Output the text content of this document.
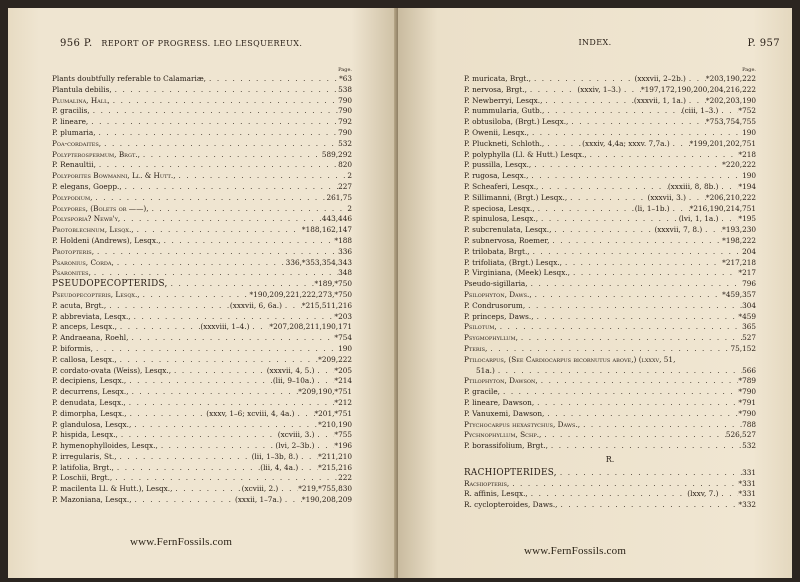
956 P. REPORT OF PROGRESS. LEO LESQUEREUX.
Page.
Plants doubtfully referable to Calamariæ, . . .	*63
Plantula debilis, . . .	538
Plumalina, Hall, . . .	790
P. gracilis, . . .	790
P. lineare, . . .	792
P. plumaria, . . .	790
Poa-cordaites, . . .	532
Polypterospermum, Brgt., . . .	589,292
P. Renaultii, . . .	820
Polyporites Bowmanni, Ll. & Hutt., . . .	2
P. elegans, Goepp., . . .	227
Polypodium, . . .	261,75
Polypores, (Bolets or ——), . . .	2
Polysporia? Newb'y, . . .	443,446
Protoblechnum, Lesqx., . . .	*188,162,147
P. Holdeni (Andrews), Lesqx., . . .	*188
Protopteris, . . .	336
Psaronius, Corda, . . .	336,*353,354,343
Psaronites, . . .	348
PSEUDOPECOPTERIDS, . . .	*189,*750
Pseudopecopteris, Lesqx., . . .	*190,209,221,222,273,*750
P. acuta, Brgt., . . .	(xxxvii, 6, 6a.) . . .	*215,511,216
P. abbreviata, Lesqx., . . .	*203
P. anceps, Lesqx., . . .	(xxxviii, 1–4.) . . .	*207,208,211,190,171
P. Andraeana, Roehl, . . .	*754
P. biformis, . . .	190
P. callosa, Lesqx., . . .	*209,222
P. cordato-ovata (Weiss), Lesqx., . . .	(xxxvii, 4, 5.) . . .	*205
P. decipiens, Lesqx., . . .	(lii, 9–10a.) . . .	*214
P. decurrens, Lesqx., . . .	*209,190,*751
P. denudata, Lesqx., . . .	*212
P. dimorpha, Lesqx., . . .	(xxxv, 1–6; xcviii, 4, 4a.) . . .	*201,*751
P. glandulosa, Lesqx., . . .	*210,190
P. hispida, Lesqx., . . .	(xcviii, 3.) . . .	*755
P. hymenophylloides, Lesqx., . . .	(lvi, 2–3b.) . . .	*196
P. irregularis, St., . . .	(lii, 1–3b, 8.) . . .	*211,210
P. latifolia, Brgt., . . .	(lii, 4, 4a.) . . .	*215,216
P. Loschii, Brgt., . . .	222
P. macilenta Ll. & Hutt.), Lesqx., . . .	(xcviii, 2.) . . .	*219,*755,830
P. Mazoniana, Lesqx., . . .	(xxxii, 1–7a.) . . .	*190,208,209
www.FernFossils.com
INDEX.	P. 957
Page.
P. muricata, Brgt., . . .	(xxxvii, 2–2b.) . . .	*203,190,222
P. nervosa, Brgt., . . .	(xxxiv, 1–3.) . . .	*197,172,190,200,204,216,222
P. Newberryi, Lesqx., . . .	(xxxvii, 1, 1a.) . . .	*202,203,190
P. nummularia, Gutb., . . .	(ciii, 1–3.) . . .	*752
P. obtusiloba, (Brgt.) Lesqx., . . .	*753,754,755
P. Owenii, Lesqx., . . .	190
P. Pluckneti, Schloth., . . .	(xxxiv, 4,4a; xxxv. 7,7a.) . . .	*199,201,202,751
P. polyphylla (Ll. & Hutt.) Lesqx., . . .	*218
P. pussilla, Lesqx., . . .	*220,222
P. rugosa, Lesqx., . . .	190
P. Scheaferi, Lesqx., . . .	(xxxiii, 8, 8b.) . . .	*194
P. Sillimanni, (Brgt.) Lesqx., . . .	(xxxvii, 3.) . . .	*206,210,222
P. speciosa, Lesqx., . . .	(li, 1–1b.) . . .	*216,190,214,751
P. spinulosa, Lesqx., . . .	(lvi, 1, 1a.) . . .	*195
P. subcrenulata, Lesqx., . . .	(xxxvii, 7, 8.) . . .	*193,230
P. subnervosa, Roemer, . . .	*198,222
P. trilobata, Brgt., . . .	204
P. trifoliata, (Brgt.) Lesqx., . . .	*217,218
P. Virginiana, (Meek) Lesqx., . . .	*217
Pseudo-sigillaria, . . .	796
Psilophyton, Daws., . . .	*459,357
P. Condrusorum, . . .	304
P. princeps, Daws., . . .	*459
Psilotum, . . .	365
Psygmophyllum, . . .	527
Pteris, . . .	75,152
Ptilocarpus, (See Cardiocarpus bicornutus above,) (lxxxv, 51,
51a.) . . .	566
Ptilophyton, Dawson, . . .	*789
P. gracile, . . .	*790
P. lineare, Dawson, . . .	*791
P. Vanuxemi, Dawson, . . .	*790
Ptychocarpus hexastychus, Daws., . . .	788
Pychnophyllum, Schp., . . .	526,527
P. borassifolium, Brgt., . . .	532
R.
RACHIOPTERIDES, . . .	331
Rachiopteris, . . .	*331
R. affinis, Lesqx., . . .	(lxxv, 7.) . . .	*331
R. cyclopteroides, Daws., . . .	*332
www.FernFossils.com
